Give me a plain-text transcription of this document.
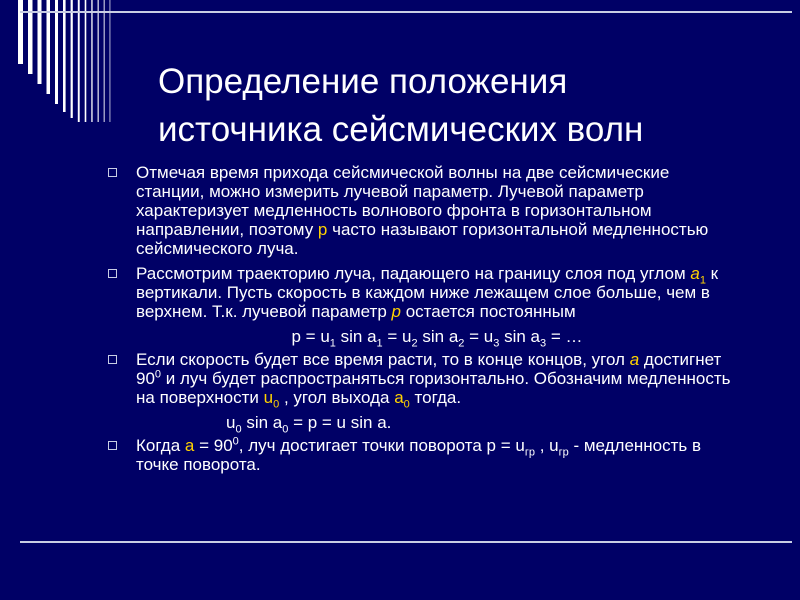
Определение положения
источника сейсмических волн
Отмечая время прихода сейсмической волны на две сейсмические станции, можно измерить лучевой параметр. Лучевой параметр характеризует медленность волнового фронта в горизонтальном направлении, поэтому р часто называют горизонтальной медленностью сейсмического луча.
Рассмотрим траекторию луча, падающего на границу слоя под углом $а_1$ к вертикали. Пусть скорость в каждом ниже лежащем слое больше, чем в верхнем. Т.к. лучевой параметр р остается постоянным
$p = u_1$ $\sin a_1 = u_2$ $\sin a_2 = u_3$ $\sin a_3$ = …
Если скорость будет все время расти, то в конце концов, угол а достигнет $90^0$ и луч будет распространяться горизонтально. Обозначим медленность на поверхности $u_0$ , угол выхода $а_0$ тогда.
$u_0$ $\sin a_0 = p = u$ sin a.
Когда $а = 90^0$, луч достигает точки поворота $р = u_{гр}$ , $u_{гр}$ - медленность в точке поворота.
